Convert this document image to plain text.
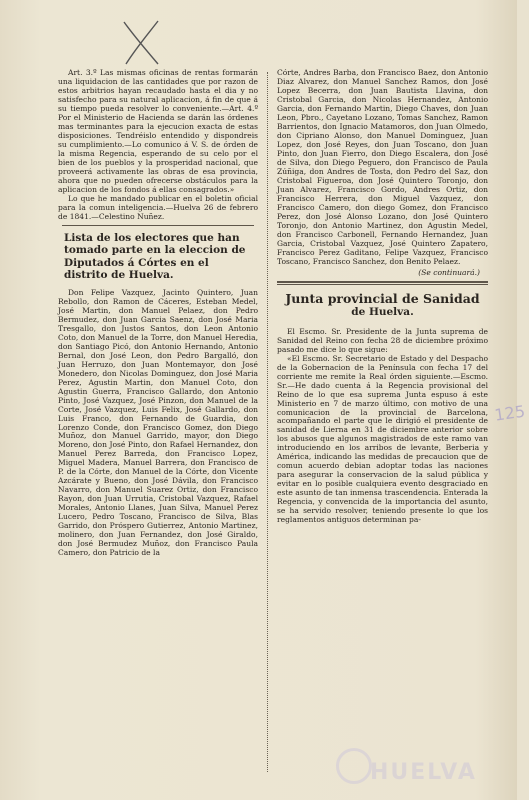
Art. 3.º Las mismas oficinas de rentas formarán una liquidacion de las cantidades que por razon de estos arbitrios hayan recaudado hasta el dia y no satisfecho para su natural aplicacion, á fin de que á su tiempo pueda resolver lo conveniente.—Art. 4.º Por el Ministerio de Hacienda se darán las órdenes mas terminantes para la ejecucion exacta de estas disposiciones. Tendréislo entendido y dispondreis su cumplimiento.—Lo comunico á V. S. de órden de la misma Regencia, esperando de su celo por el bien de los pueblos y la prosperidad nacional, que proveerá activamente las obras de esa provincia, ahora que no pueden ofrecerse obstáculos para la aplicacion de los fondos á ellas consagrados.»

Lo que he mandado publicar en el boletin oficial para la comun inteligencia.—Huelva 26 de febrero de 1841.—Celestino Nuñez.

Lista de los electores que han tomado parte en la eleccion de Diputados á Córtes en el distrito de Huelva.

Don Felipe Vazquez, Jacinto Quintero, Juan Rebollo, don Ramon de Cáceres, Esteban Medel, José Martin, don Manuel Pelaez, don Pedro Bermudez, don Juan Garcia Saenz, don José Maria Tresgallo, don Justos Santos, don Leon Antonio Coto, don Manuel de la Torre, don Manuel Heredia, don Santiago Picó, don Antonio Hernando, Antonio Bernal, don José Leon, don Pedro Bargalló, don Juan Herruzo, don Juan Montemayor, don José Monedero, don Nicolas Dominguez, don José Maria Perez, Agustin Martin, don Manuel Coto, don Agustin Guerra, Francisco Gallardo, don Antonio Pinto, José Vazquez, José Pinzon, don Manuel de la Corte, José Vazquez, Luis Felix, José Gallardo, don Luis Franco, don Fernando de Guardia, don Lorenzo Conde, don Francisco Gomez, don Diego Muñoz, don Manuel Garrido, mayor, don Diego Moreno, don José Pinto, don Rafael Hernandez, don Manuel Perez Barreda, don Francisco Lopez, Miguel Madera, Manuel Barrera, don Francisco de P. de la Córte, don Manuel de la Córte, don Vicente Azcárate y Bueno, don José Dávila, don Francisco Navarro, don Manuel Suarez Ortiz, don Francisco Rayon, don Juan Urrutia, Cristobal Vazquez, Rafael Morales, Antonio Llanes, Juan Silva, Manuel Perez Lucero, Pedro Toscano, Francisco de Silva, Blas Garrido, don Próspero Gutierrez, Antonio Martinez, molinero, don Juan Fernandez, don José Giraldo, don José Bermudez Muñoz, don Francisco Paula Camero, don Patricio de la

Córte, Andres Barba, don Francisco Baez, don Antonio Diaz Alvarez, don Manuel Sanchez Ramos, don José Lopez Becerra, don Juan Bautista Llavina, don Cristobal Garcia, don Nicolas Hernandez, Antonio Garcia, don Fernando Martin, Diego Chaves, don Juan Leon, Pbro., Cayetano Lozano, Tomas Sanchez, Ramon Barrientos, don Ignacio Matamoros, don Juan Olmedo, don Cipriano Alonso, don Manuel Dominguez, Juan Lopez, don José Reyes, don Juan Toscano, don Juan Pinto, don Juan Fierro, don Diego Escalera, don José de Silva, don Diego Peguero, don Francisco de Paula Zúñiga, don Andres de Tosta, don Pedro del Saz, don Cristobal Figueroa, don José Quintero Toronjo, don Juan Alvarez, Francisco Gordo, Andres Ortiz, don Francisco Herrera, don Miguel Vazquez, don Francisco Camero, don diego Gomez, don Francisco Perez, don José Alonso Lozano, don José Quintero Toronjo, don Antonio Martinez, don Agustin Medel, don Francisco Carbonell, Fernando Hernandez, Juan Garcia, Cristobal Vazquez, José Quintero Zapatero, Francisco Perez Gaditano, Felipe Vazquez, Francisco Toscano, Francisco Sanchez, don Benito Pelaez.

(Se continuará.)

Junta provincial de Sanidad
de Huelva.

El Escmo. Sr. Presidente de la Junta suprema de Sanidad del Reino con fecha 28 de diciembre próximo pasado me dice lo que sigue:

«El Escmo. Sr. Secretario de Estado y del Despacho de la Gobernacion de la Península con fecha 17 del corriente me remite la Real órden siguiente.—Escmo. Sr.—He dado cuenta á la Regencia provisional del Reino de lo que esa suprema Junta espuso á este Ministerio en 7 de marzo último, con motivo de una comunicacion de la provincial de Barcelona, acompañando el parte que le dirigió el presidente de sanidad de Lierna en 31 de diciembre anterior sobre los abusos que algunos magistrados de este ramo van introduciendo en los arribos de levante, Berberia y América, indicando las medidas de precaucion que de comun acuerdo debian adoptar todas las naciones para asegurar la conservacion de la salud pública y evitar en lo posible cualquiera evento desgraciado en este asunto de tan inmensa trascendencia. Enterada la Regencia, y convencida de la importancia del asunto, se ha servido resolver, teniendo presente lo que los reglamentos antiguos determinan pa-

125
HUELVA
